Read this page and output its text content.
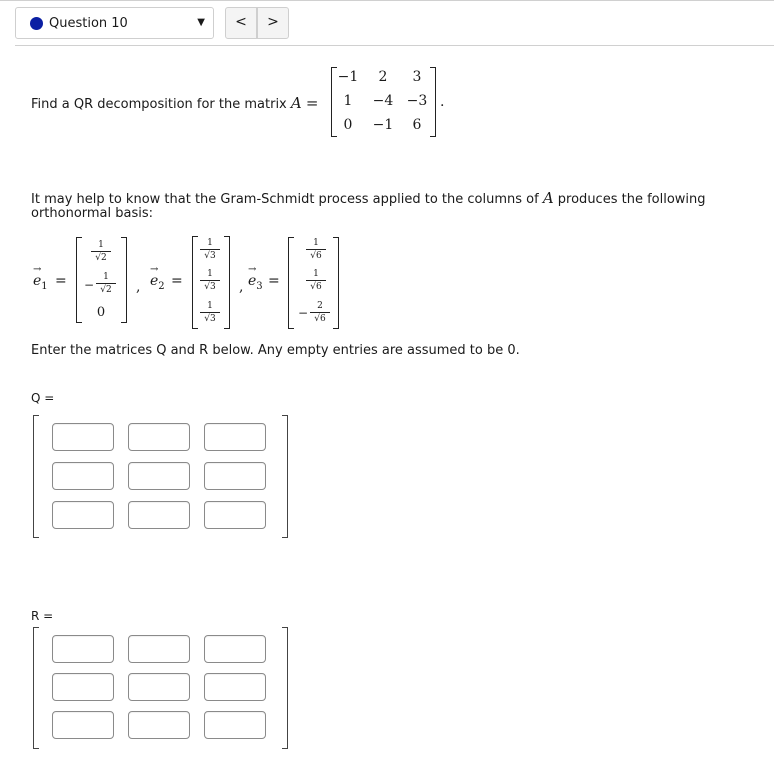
Question 10	▼	<	>
Find a QR decomposition for the matrix A =	.
−1	2	3
1	−4 −3
0	−1	6
It may help to know that the Gram-Schmidt process applied to the columns of A produces the following
orthonormal basis:
→
$e_1$ =
1
√2
−
1
√2
0
,
→
$e_2$ =
1
√3
1
√3
1
√3
,
→
$e_3$ =
1
√6
1
√6
−	2
√6
Enter the matrices Q and R below. Any empty entries are assumed to be 0.
Q =
R =
